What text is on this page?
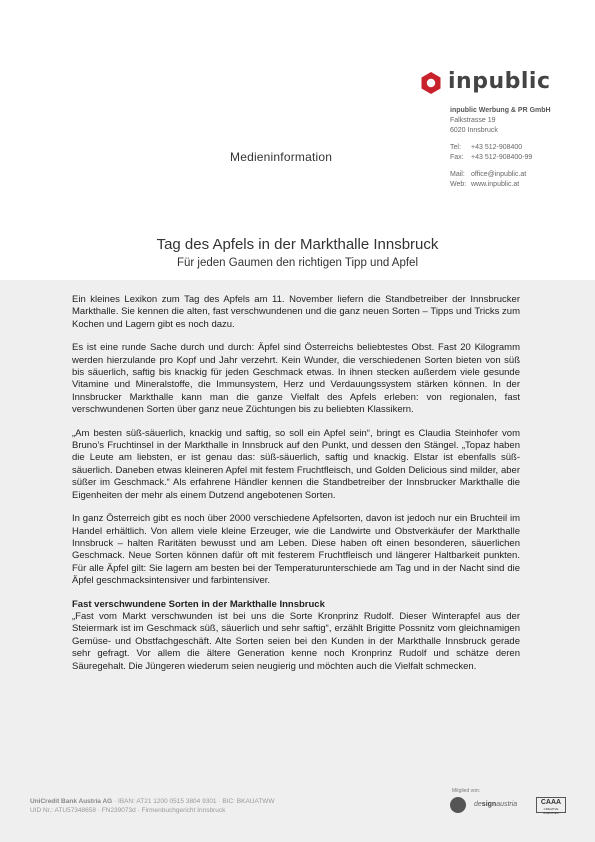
inpublic
inpublic Werbung & PR GmbH
Falkstrasse 19
6020 Innsbruck
Tel:	+43 512-908400
Fax:	+43 512-908400-99
Mail: office@inpublic.at
Web: www.inpublic.at
Medieninformation
Tag des Apfels in der Markthalle Innsbruck
Für jeden Gaumen den richtigen Tipp und Apfel

Ein kleines Lexikon zum Tag des Apfels am 11. November liefern die Standbetreiber der Innsbrucker Markthalle. Sie kennen die alten, fast verschwundenen und die ganz neuen Sorten – Tipps und Tricks zum Kochen und Lagern gibt es noch dazu.

Es ist eine runde Sache durch und durch: Äpfel sind Österreichs beliebtestes Obst. Fast 20 Kilogramm werden hierzulande pro Kopf und Jahr verzehrt. Kein Wunder, die verschiedenen Sorten bieten von süß bis säuerlich, saftig bis knackig für jeden Geschmack etwas. In ihnen stecken außerdem viele gesunde Vitamine und Mineralstoffe, die Immunsystem, Herz und Verdauungssystem stärken können. In der Innsbrucker Markthalle kann man die ganze Vielfalt des Apfels erleben: von regionalen, fast verschwundenen Sorten über ganz neue Züchtungen bis zu beliebten Klassikern.

„Am besten süß-säuerlich, knackig und saftig, so soll ein Apfel sein“, bringt es Claudia Steinhofer vom Bruno’s Fruchtinsel in der Markthalle in Innsbruck auf den Punkt, und dessen den Stängel. „Topaz haben die Leute am liebsten, er ist genau das: süß-säuerlich, saftig und knackig. Elstar ist ebenfalls süß-säuerlich. Daneben etwas kleineren Apfel mit festem Fruchtfleisch, und Golden Delicious sind milder, aber süßer im Geschmack.“ Als erfahrene Händler kennen die Standbetreiber der Innsbrucker Markthalle die Eigenheiten der mehr als einem Dutzend angebotenen Sorten.

In ganz Österreich gibt es noch über 2000 verschiedene Apfelsorten, davon ist jedoch nur ein Bruchteil im Handel erhältlich. Von allem viele kleine Erzeuger, wie die Landwirte und Obstverkäufer der Markthalle Innsbruck – halten Raritäten bewusst und am Leben. Diese haben oft einen besonderen, säuerlichen Geschmack. Neue Sorten können dafür oft mit festerem Fruchtfleisch und längerer Haltbarkeit punkten. Für alle Äpfel gilt: Sie lagern am besten bei der Temperaturunterschiede am Tag und in der Nacht sind die Äpfel geschmacksintensiver und farbintensiver.

Fast verschwundene Sorten in der Markthalle Innsbruck

„Fast vom Markt verschwunden ist bei uns die Sorte Kronprinz Rudolf. Dieser Winterapfel aus der Steiermark ist im Geschmack süß, säuerlich und sehr saftig“, erzählt Brigitte Possnitz vom gleichnamigen Gemüse- und Obstfachgeschäft. Alte Sorten seien bei den Kunden in der Markthalle Innsbruck gerade sehr gefragt. Vor allem die ältere Generation kenne noch Kronprinz Rudolf und schätze deren Säuregehalt. Die Jüngeren wiederum seien neugierig und möchten auch die Vielfalt schmecken.

UniCredit Bank Austria AG · IBAN: AT21 1200 0515 3804 9301 · BIC: BKAUATWW
UID Nr.: ATU57348658 · FN239073d · Firmenbuchgericht Innsbruck
Mitglied von:
designaustria	CAAA
CREATIVE AGENCIES
